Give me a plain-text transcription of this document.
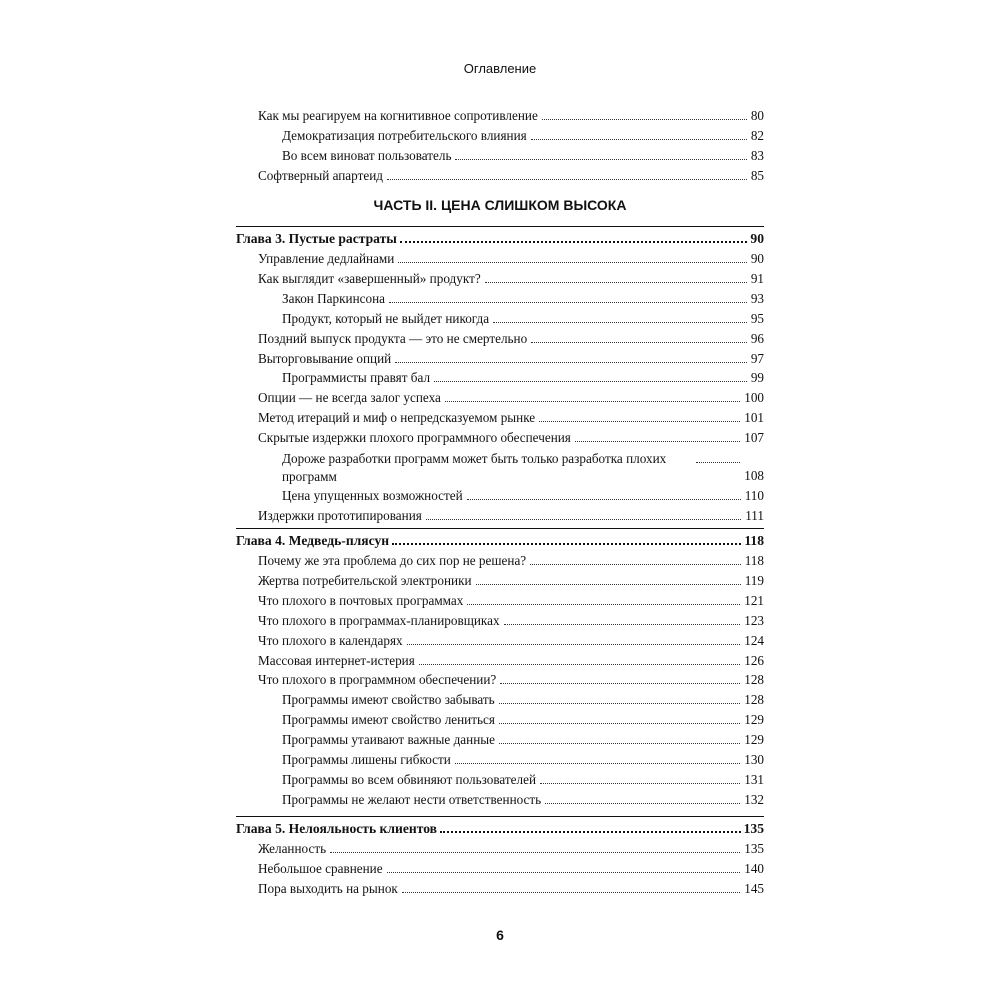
Оглавление
Как мы реагируем на когнитивное сопротивление	80
Демократизация потребительского влияния	82
Во всем виноват пользователь	83
Софтверный апартеид	85
ЧАСТЬ II. ЦЕНА СЛИШКОМ ВЫСОКА
Глава 3. Пустые растраты	90
Управление дедлайнами	90
Как выглядит «завершенный» продукт?	91
Закон Паркинсона	93
Продукт, который не выйдет никогда	95
Поздний выпуск продукта — это не смертельно	96
Выторговывание опций	97
Программисты правят бал	99
Опции — не всегда залог успеха	100
Метод итераций и миф о непредсказуемом рынке	101
Скрытые издержки плохого программного обеспечения	107
Дороже разработки программ может быть только разработка плохих программ	108
Цена упущенных возможностей	110
Издержки прототипирования	111
Глава 4. Медведь-плясун	118
Почему же эта проблема до сих пор не решена?	118
Жертва потребительской электроники	119
Что плохого в почтовых программах	121
Что плохого в программах-планировщиках	123
Что плохого в календарях	124
Массовая интернет-истерия	126
Что плохого в программном обеспечении?	128
Программы имеют свойство забывать	128
Программы имеют свойство лениться	129
Программы утаивают важные данные	129
Программы лишены гибкости	130
Программы во всем обвиняют пользователей	131
Программы не желают нести ответственность	132
Глава 5. Нелояльность клиентов	135
Желанность	135
Небольшое сравнение	140
Пора выходить на рынок	145
6
